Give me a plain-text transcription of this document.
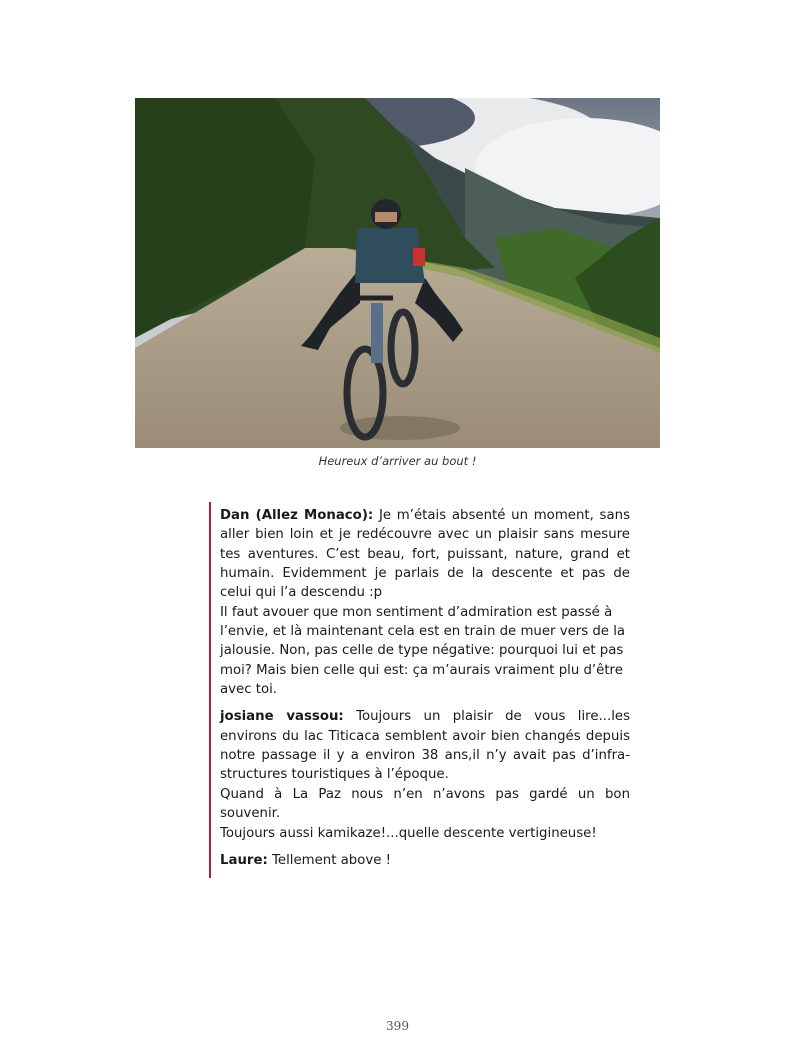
Heureux d’arriver au bout !

Dan (Allez Monaco): Je m’étais absenté un moment, sans aller bien loin et je redécouvre avec un plaisir sans mesure tes aventures. C’est beau, fort, puissant, nature, grand et humain. Evidemment je parlais de la descente et pas de celui qui l’a descendu :p

Il faut avouer que mon sentiment d’admiration est passé à l’envie, et là maintenant cela est en train de muer vers de la jalousie. Non, pas celle de type négative: pourquoi lui et pas moi? Mais bien celle qui est: ça m’aurais vraiment plu d’être avec toi.

josiane vassou: Toujours un plaisir de vous lire...les environs du lac Titicaca semblent avoir bien changés depuis notre passage il y a environ 38 ans,il n’y avait pas d’infra-structures touristiques à l’époque.

Quand à La Paz nous n’en n’avons pas gardé un bon souvenir.

Toujours aussi kamikaze!...quelle descente vertigineuse!

Laure: Tellement above !

399
